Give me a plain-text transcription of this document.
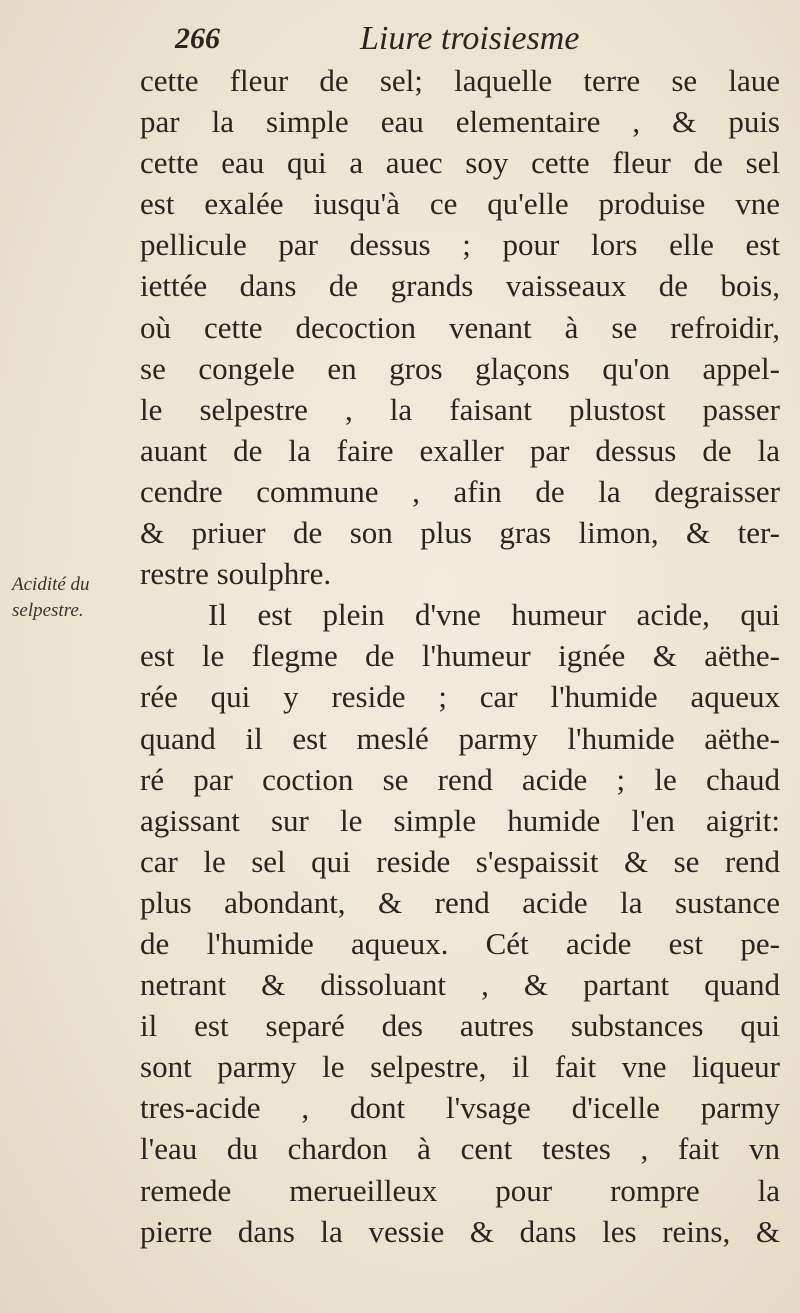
266	Liure troisiesme
Acidité du
selpestre.
cette fleur de sel; laquelle terre se laue
par la simple eau elementaire , & puis
cette eau qui a auec soy cette fleur de sel
est exalée iusqu'à ce qu'elle produise vne
pellicule par dessus ; pour lors elle est
iettée dans de grands vaisseaux de bois,
où cette decoction venant à se refroidir,
se congele en gros glaçons qu'on appel-
le selpestre , la faisant plustost passer
auant de la faire exaller par dessus de la
cendre commune , afin de la degraisser
& priuer de son plus gras limon, & ter-
restre soulphre.
Il est plein d'vne humeur acide, qui
est le flegme de l'humeur ignée & aëthe-
rée qui y reside ; car l'humide aqueux
quand il est meslé parmy l'humide aëthe-
ré par coction se rend acide ; le chaud
agissant sur le simple humide l'en aigrit:
car le sel qui reside s'espaissit & se rend
plus abondant, & rend acide la sustance
de l'humide aqueux. Cét acide est pe-
netrant & dissoluant , & partant quand
il est separé des autres substances qui
sont parmy le selpestre, il fait vne liqueur
tres-acide , dont l'vsage d'icelle parmy
l'eau du chardon à cent testes , fait vn
remede merueilleux pour rompre la
pierre dans la vessie & dans les reins, &
